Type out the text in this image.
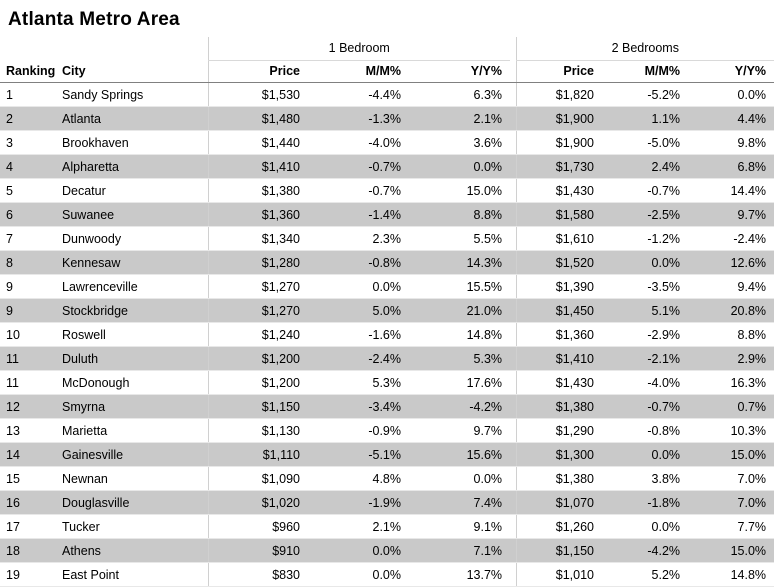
Atlanta Metro Area
		1 Bedroom				2 Bedrooms		
Ranking	City	Price	M/M%	Y/Y%		Price	M/M%	Y/Y%
1	Sandy Springs	$1,530	-4.4%	6.3%		$1,820	-5.2%	0.0%
2	Atlanta	$1,480	-1.3%	2.1%		$1,900	1.1%	4.4%
3	Brookhaven	$1,440	-4.0%	3.6%		$1,900	-5.0%	9.8%
4	Alpharetta	$1,410	-0.7%	0.0%		$1,730	2.4%	6.8%
5	Decatur	$1,380	-0.7%	15.0%		$1,430	-0.7%	14.4%
6	Suwanee	$1,360	-1.4%	8.8%		$1,580	-2.5%	9.7%
7	Dunwoody	$1,340	2.3%	5.5%		$1,610	-1.2%	-2.4%
8	Kennesaw	$1,280	-0.8%	14.3%		$1,520	0.0%	12.6%
9	Lawrenceville	$1,270	0.0%	15.5%		$1,390	-3.5%	9.4%
9	Stockbridge	$1,270	5.0%	21.0%		$1,450	5.1%	20.8%
10	Roswell	$1,240	-1.6%	14.8%		$1,360	-2.9%	8.8%
11	Duluth	$1,200	-2.4%	5.3%		$1,410	-2.1%	2.9%
11	McDonough	$1,200	5.3%	17.6%		$1,430	-4.0%	16.3%
12	Smyrna	$1,150	-3.4%	-4.2%		$1,380	-0.7%	0.7%
13	Marietta	$1,130	-0.9%	9.7%		$1,290	-0.8%	10.3%
14	Gainesville	$1,110	-5.1%	15.6%		$1,300	0.0%	15.0%
15	Newnan	$1,090	4.8%	0.0%		$1,380	3.8%	7.0%
16	Douglasville	$1,020	-1.9%	7.4%		$1,070	-1.8%	7.0%
17	Tucker	$960	2.1%	9.1%		$1,260	0.0%	7.7%
18	Athens	$910	0.0%	7.1%		$1,150	-4.2%	15.0%
19	East Point	$830	0.0%	13.7%		$1,010	5.2%	14.8%
